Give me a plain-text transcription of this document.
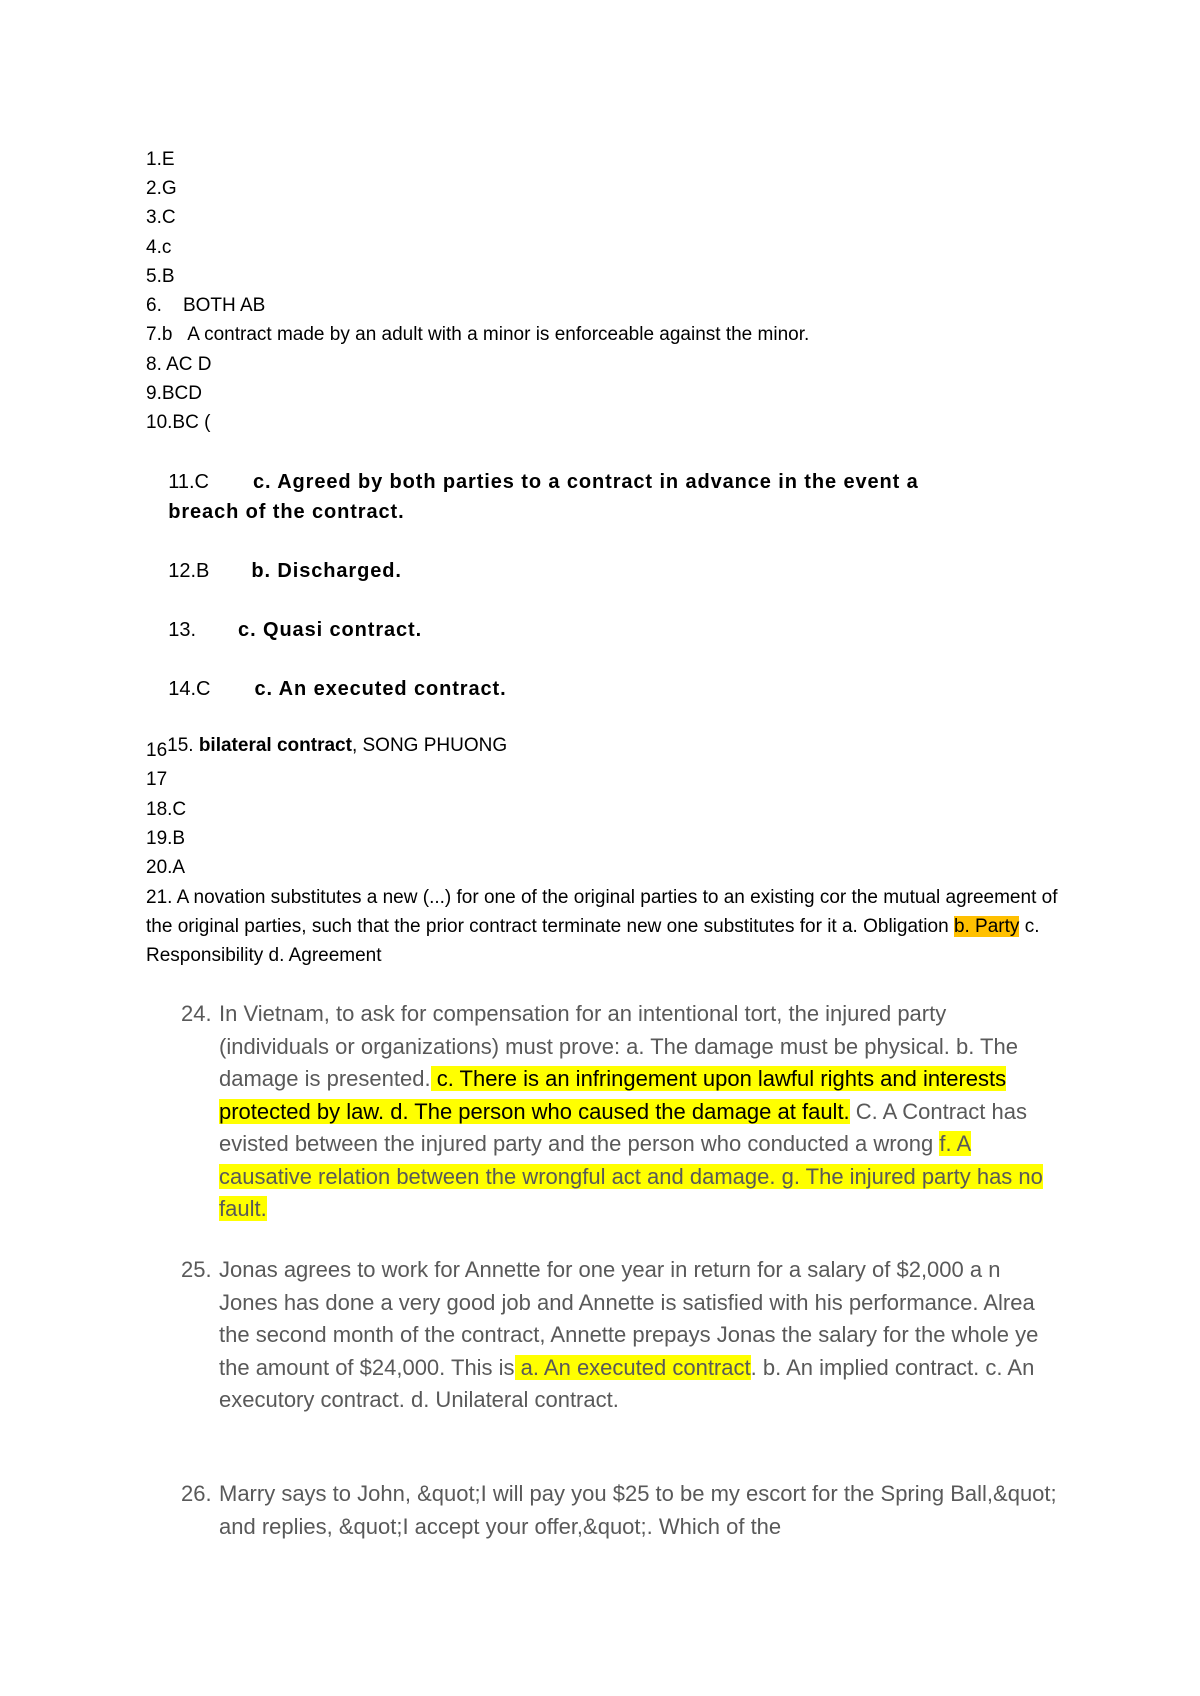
1.E
2.G
3.C
4.c
5.B
6.    BOTH AB
7.b   A contract made by an adult with a minor is enforceable against the minor.
8. AC D
9.BCD
10.BC (

11.C c. Agreed by both parties to a contract in advance in the event a

breach of the contract.

12.B b. Discharged.

13. c. Quasi contract.

14.C c. An executed contract.

15. bilateral contract, SONG PHUONG

16
17
18.C
19.B
20.A
21. A novation substitutes a new (...) for one of the original parties to an existing cor the mutual agreement of the original parties, such that the prior contract terminate new one substitutes for it a. Obligation b. Party c. Responsibility d. Agreement
24. In Vietnam, to ask for compensation for an intentional tort, the injured party (individuals or organizations) must prove: a. The damage must be physical. b. The damage is presented. c. There is an infringement upon lawful rights and interests protected by law. d. The person who caused the damage at fault. C. A Contract has evisted between the injured party and the person who conducted a wrong f. A causative relation between the wrongful act and damage. g. The injured party has no fault.
25. Jonas agrees to work for Annette for one year in return for a salary of $2,000 a n Jones has done a very good job and Annette is satisfied with his performance. Alrea the second month of the contract, Annette prepays Jonas the salary for the whole ye the amount of $24,000. This is a. An executed contract. b. An implied contract. c. An executory contract. d. Unilateral contract.
26. Marry says to John, &quot;I will pay you $25 to be my escort for the Spring Ball,&quot; and replies, &quot;I accept your offer,&quot;. Which of the
